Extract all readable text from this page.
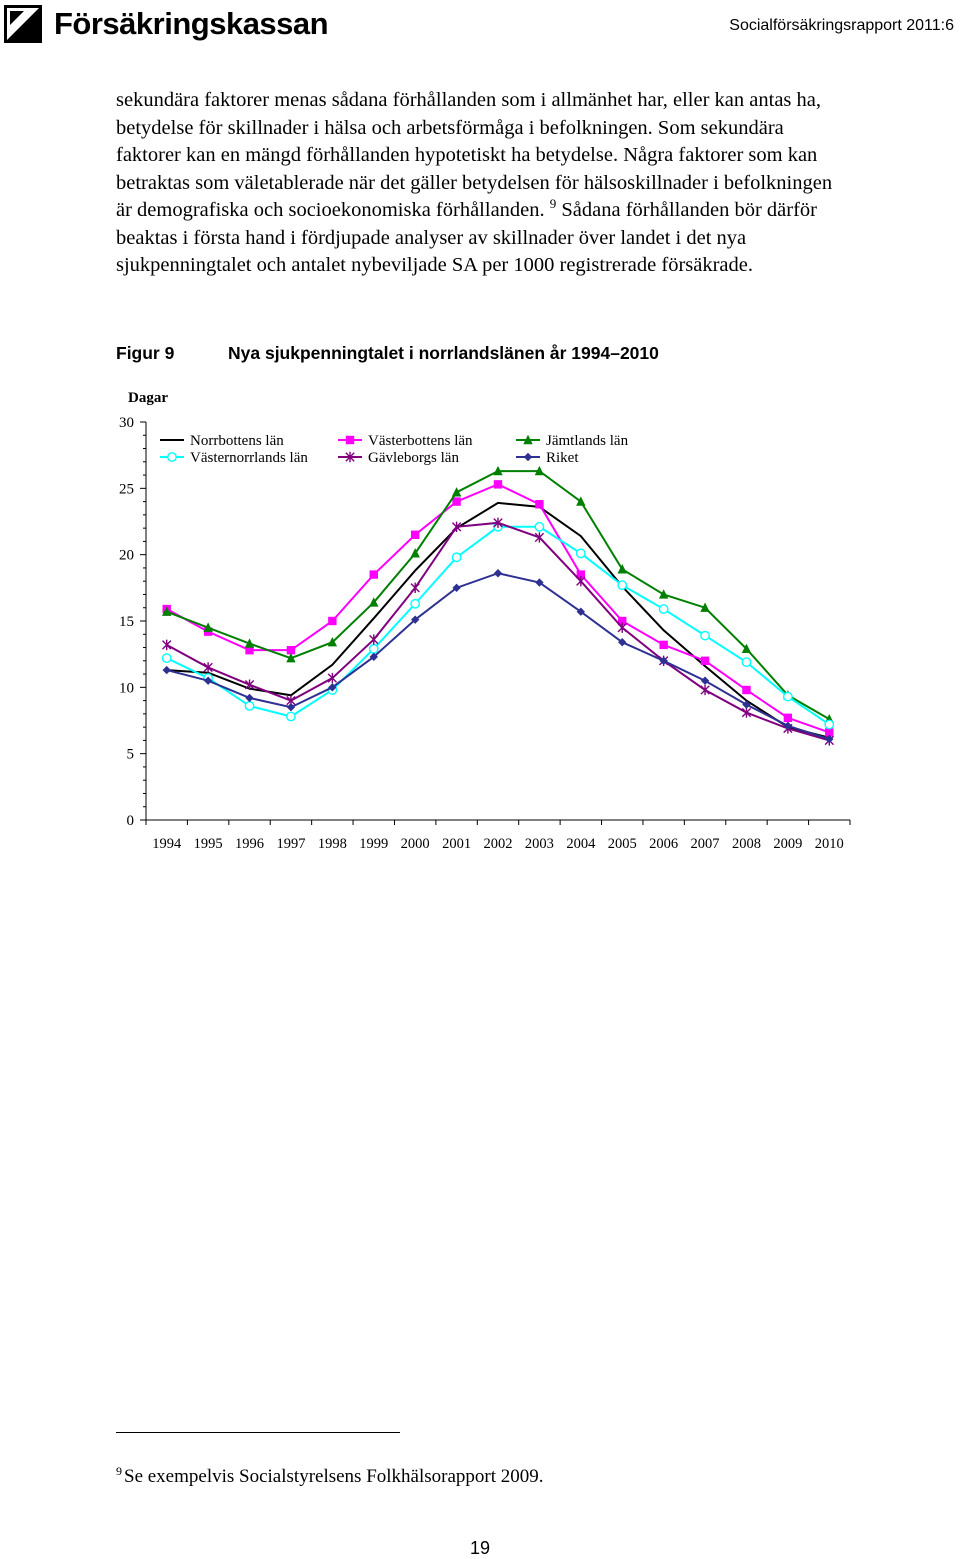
Försäkringskassan	Socialförsäkringsrapport 2011:6

sekundära faktorer menas sådana förhållanden som i allmänhet har, eller kan antas ha, betydelse för skillnader i hälsa och arbetsförmåga i befolkningen. Som sekundära faktorer kan en mängd förhållanden hypotetiskt ha betydelse. Några faktorer som kan betraktas som väletablerade när det gäller betydelsen för hälsoskillnader i befolkningen är demografiska och socioekonomiska förhållanden. $^9$ Sådana förhållanden bör därför beaktas i första hand i fördjupade analyser av skillnader över landet i det nya sjukpenningtalet och antalet nybeviljade SA per 1000 registrerade försäkrade.

Figur 9	Nya sjukpenningtalet i norrlandslänen år 1994–2010
0
5
10
15
20
25
30
Dagar
1994 1995 1996 1997 1998 1999 2000 2001 2002 2003 2004 2005 2006 2007 2008 2009 2010
Norrbottens län	Västerbottens län	Jämtlands län
Västernorrlands län	Gävleborgs län	Riket
$^9$ Se exempelvis Socialstyrelsens Folkhälsorapport 2009.
19
